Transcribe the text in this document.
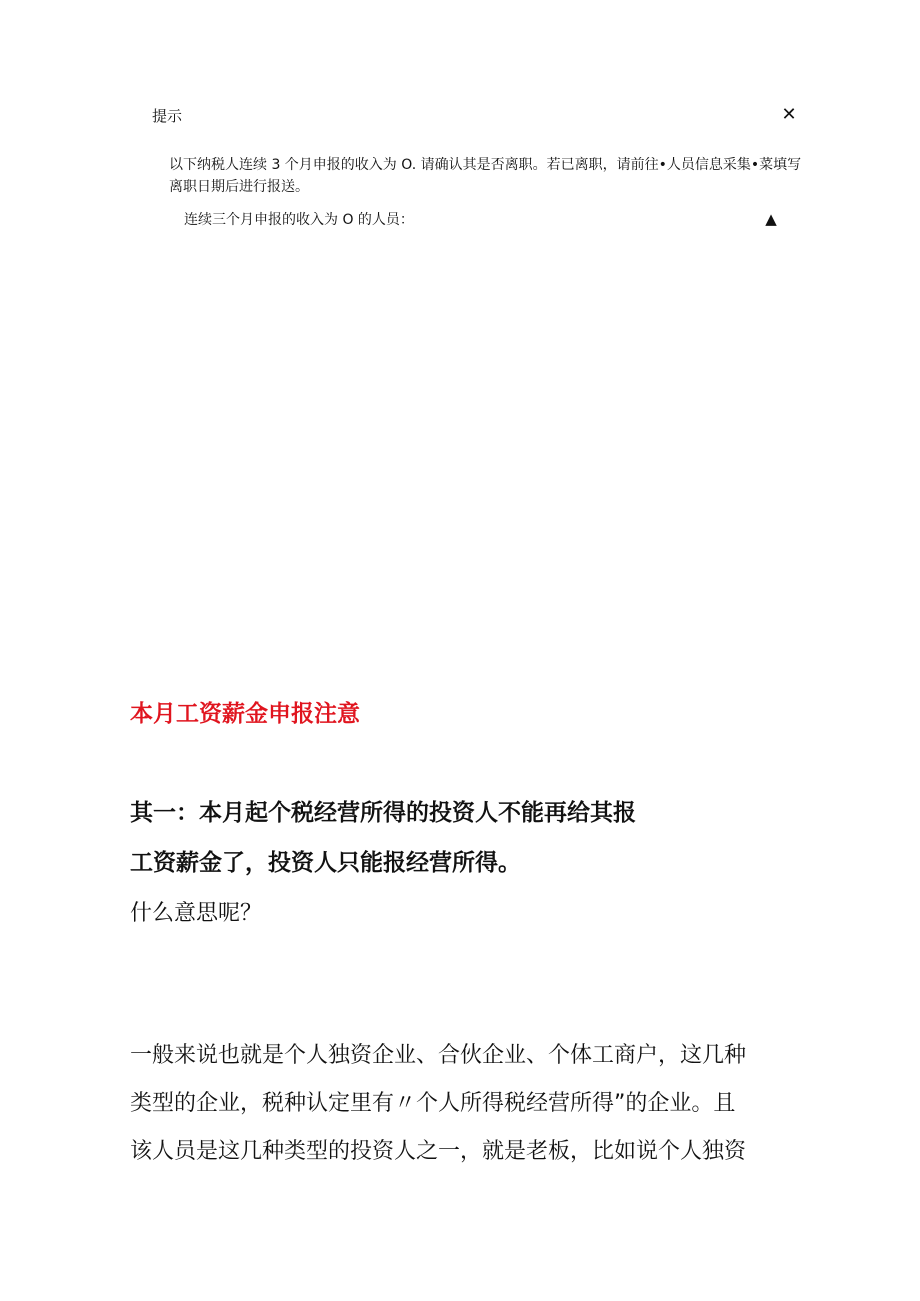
提示	✕
以下纳税人连续 3 个月申报的收入为 O. 请确认其是否离职。若已离职，请前往•人员信息采集•菜填写
离职日期后进行报送。
连续三个月申报的收入为 O 的人员：	▲
本月工资薪金申报注意
其一：本月起个税经营所得的投资人不能再给其报
工资薪金了，投资人只能报经营所得。
什么意思呢？
一般来说也就是个人独资企业、合伙企业、个体工商户，这几种
类型的企业，税种认定里有〃个人所得税经营所得”的企业。且
该人员是这几种类型的投资人之一，就是老板，比如说个人独资
